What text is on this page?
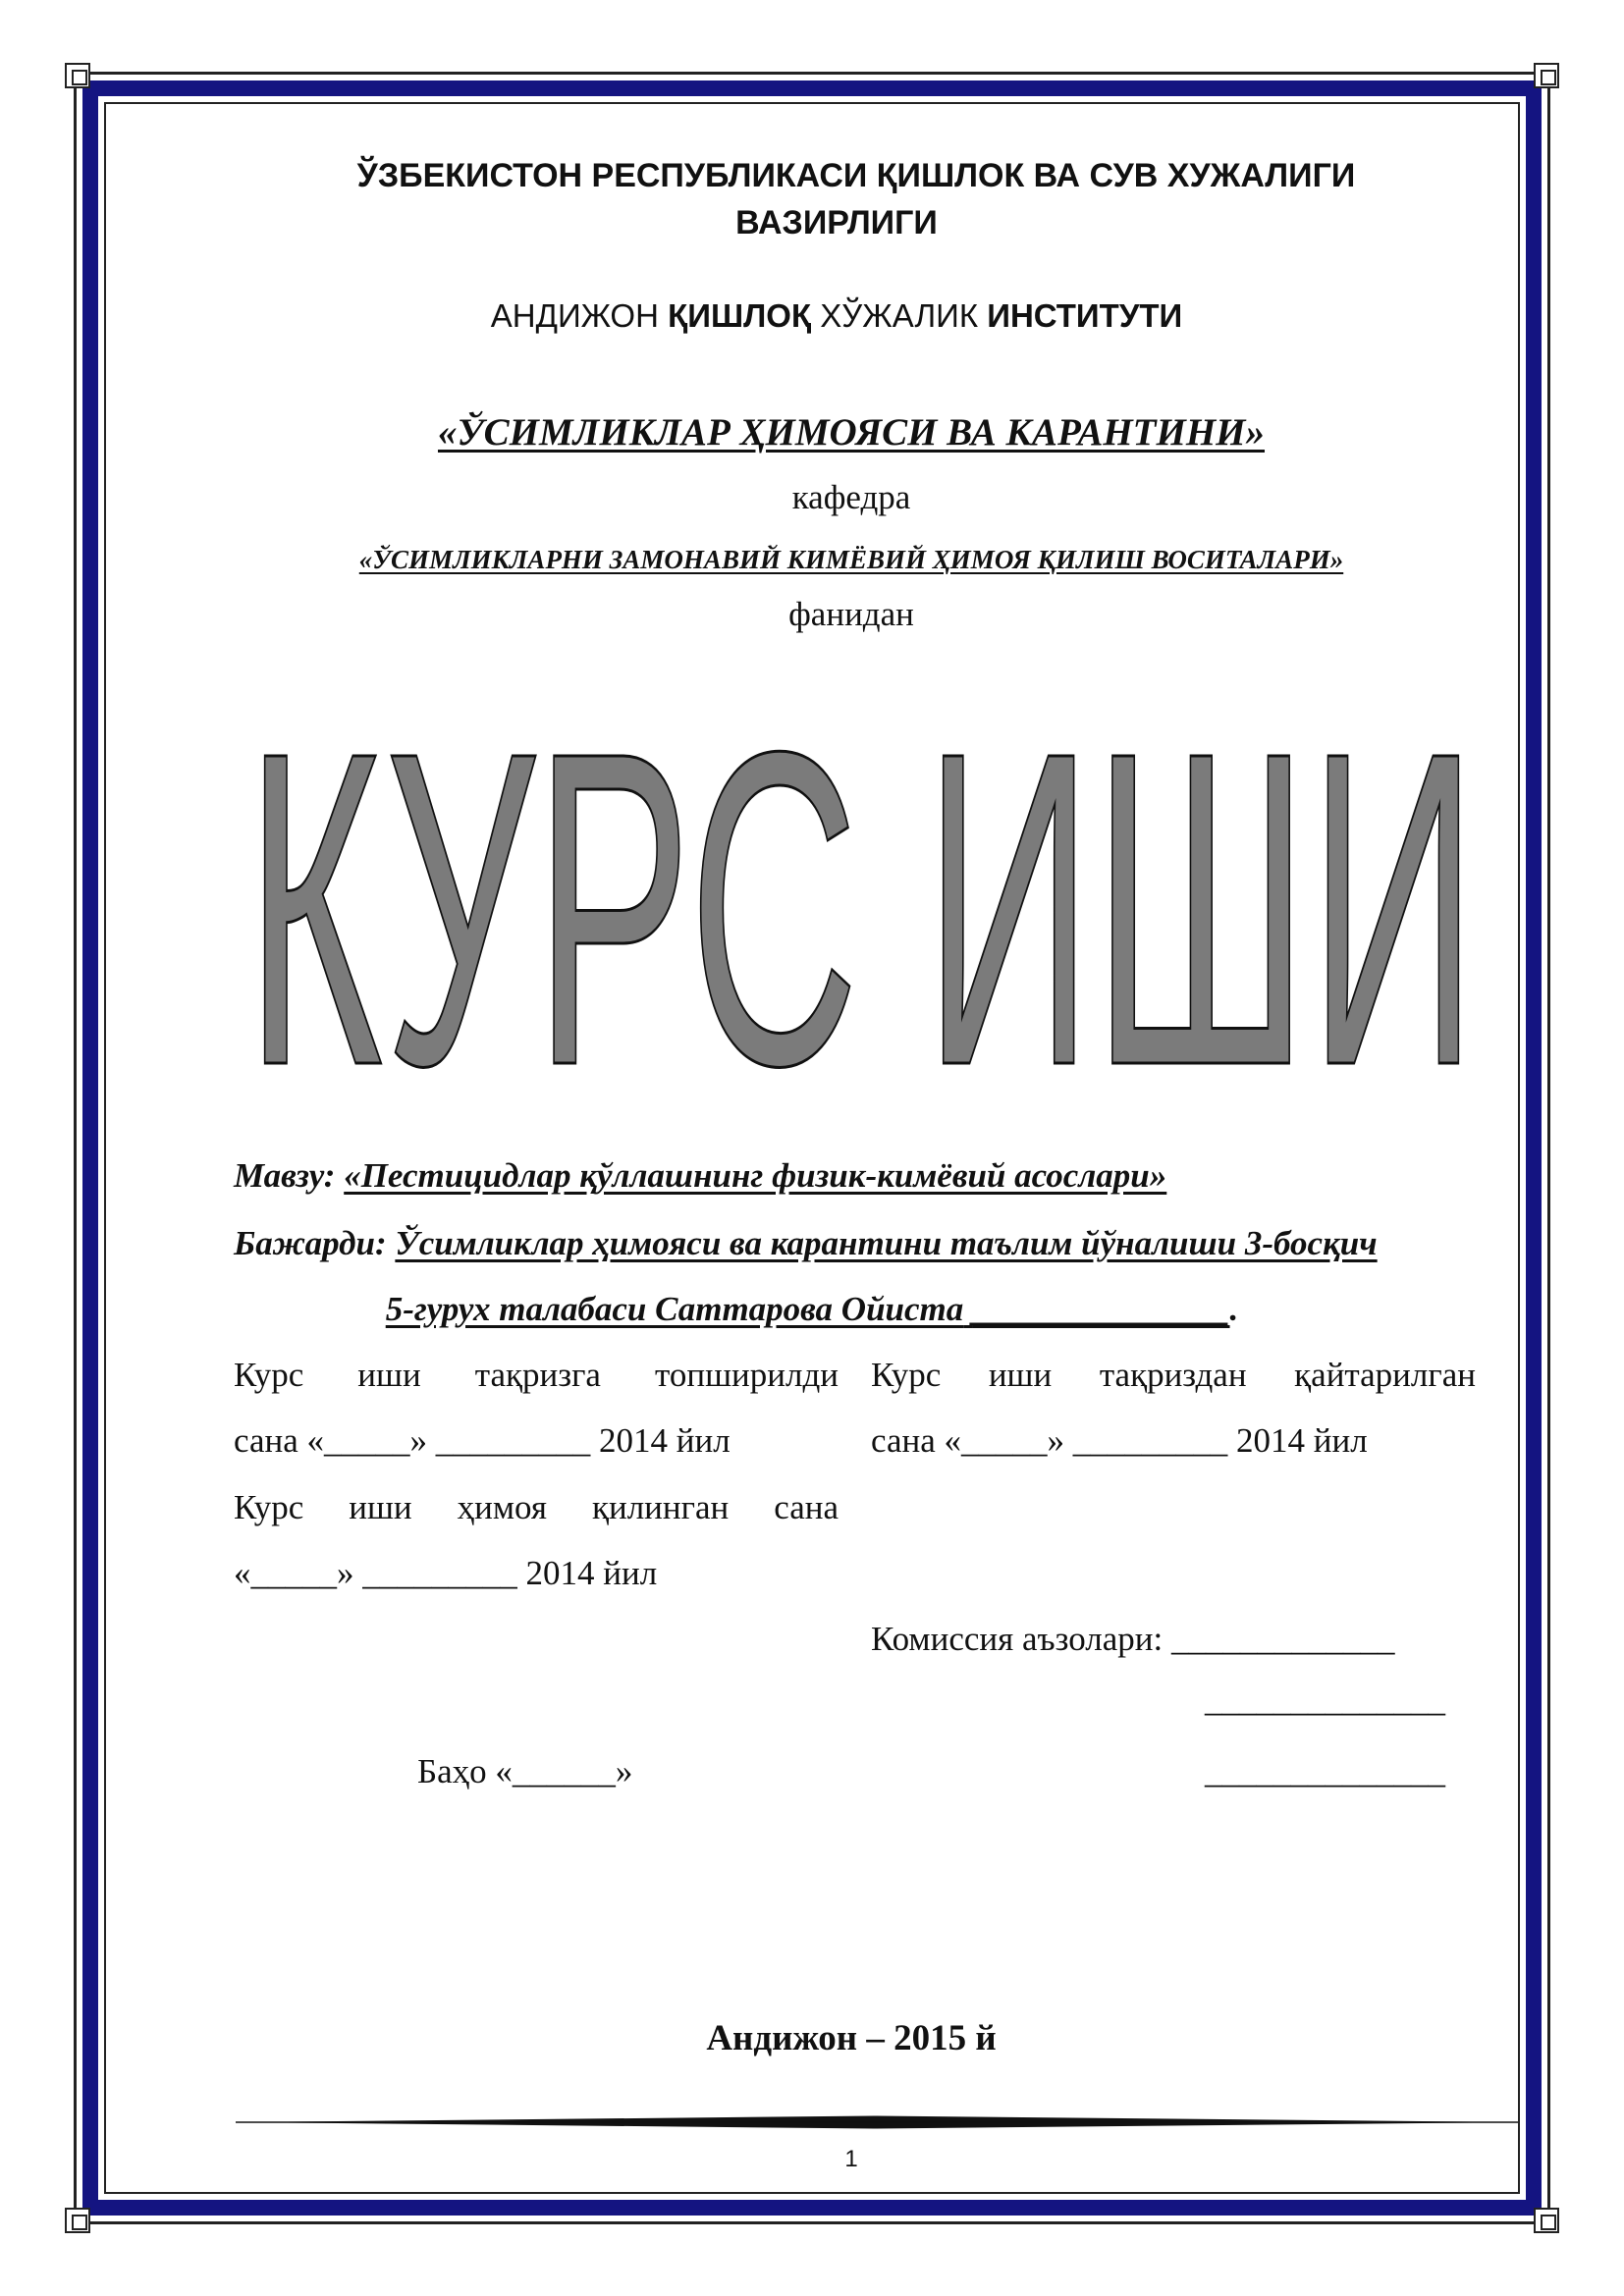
ЎЗБЕКИСТОН РЕСПУБЛИКАСИ ҚИШЛОК ВА СУВ ХУЖАЛИГИ
ВАЗИРЛИГИ
АНДИЖОН ҚИШЛОҚ ХЎЖАЛИК ИНСТИТУТИ
«ЎСИМЛИКЛАР ҲИМОЯСИ ВА КАРАНТИНИ»
кафедра
«ЎСИМЛИКЛАРНИ ЗАМОНАВИЙ КИМЁВИЙ ҲИМОЯ ҚИЛИШ ВОСИТАЛАРИ»
фанидан
КУРС ИШИ
Мавзу: «Пестицидлар қўллашнинг физик-кимёвий асослари»
Бажарди: Ўсимликлар ҳимояси ва карантини таълим йўналиши 3-босқич
5-гурух талабаси Саттарова Ойиста _______________.
Курс иши тақризга топширилди
сана «_____» _________ 2014 йил
Курс иши тақриздан қайтарилган
сана «_____» _________ 2014 йил
Курс иши ҳимоя қилинган сана
«_____» _________ 2014 йил
Комиссия аъзолари: _____________
______________
______________
Баҳо «______»
Андижон – 2015 й
1
